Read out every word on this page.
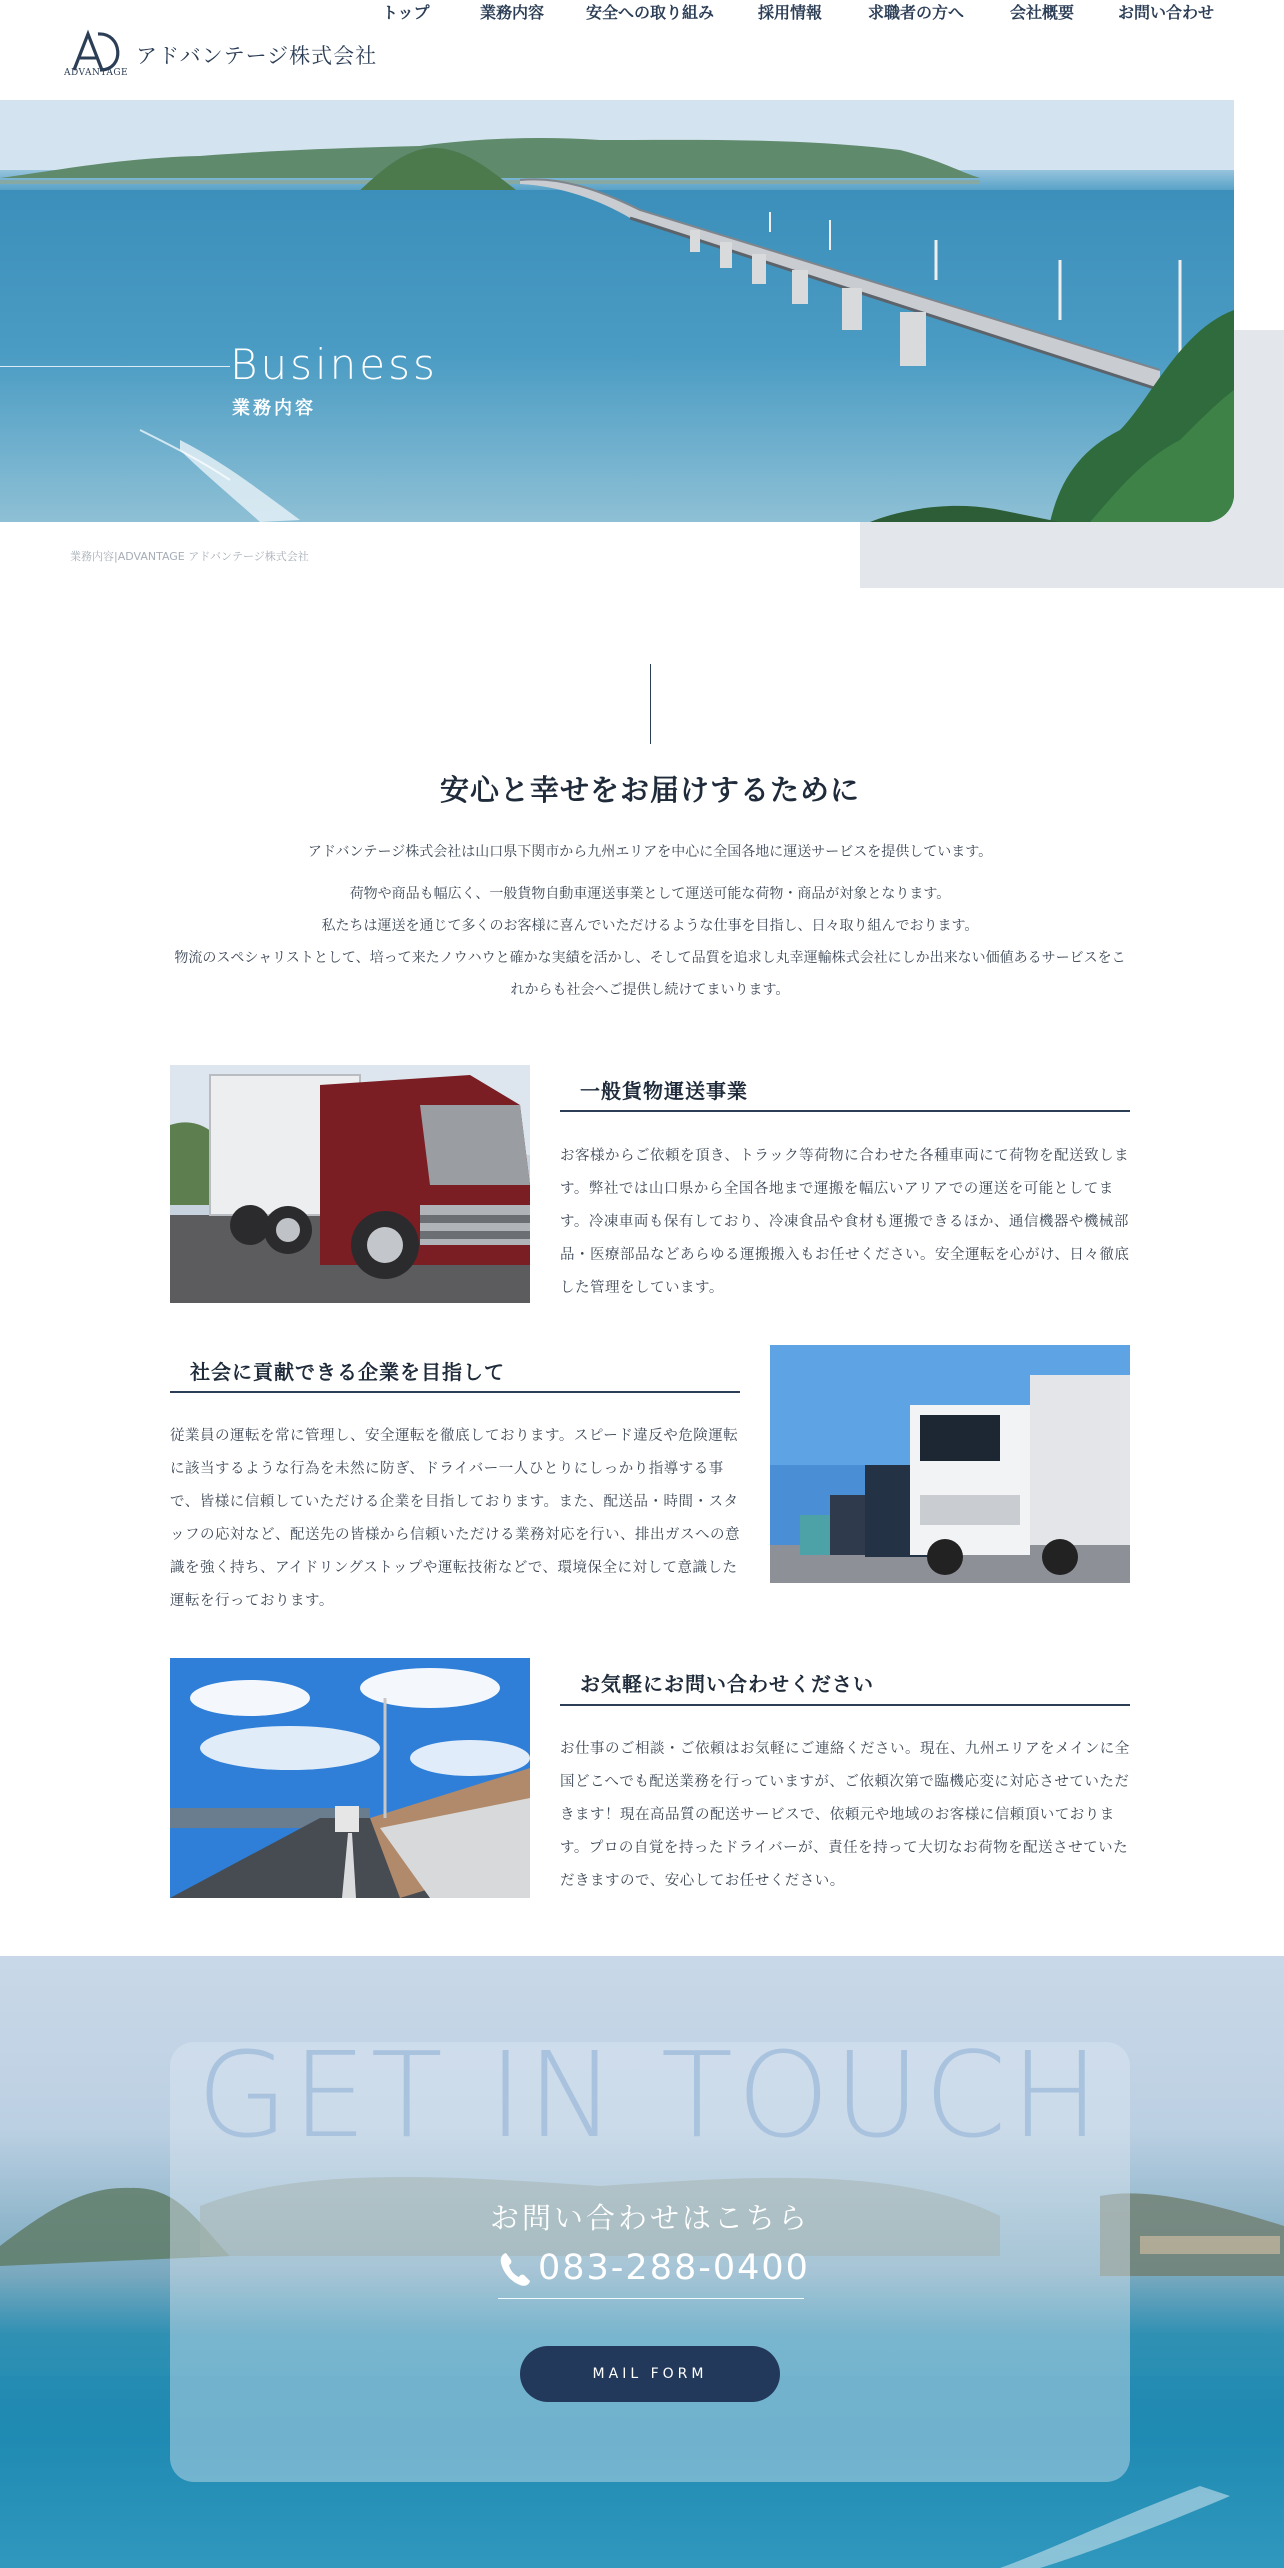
ADVANTAGE
アドバンテージ株式会社
トップ	業務内容	安全への取り組み	採用情報	求職者の方へ	会社概要	お問い合わせ
Business
業務内容
業務内容|ADVANTAGE アドバンテージ株式会社
安心と幸せをお届けするために

アドバンテージ株式会社は山口県下関市から九州エリアを中心に全国各地に運送サービスを提供しています。

荷物や商品も幅広く、一般貨物自動車運送事業として運送可能な荷物・商品が対象となります。

私たちは運送を通じて多くのお客様に喜んでいただけるような仕事を目指し、日々取り組んでおります。

物流のスペシャリストとして、培って来たノウハウと確かな実績を活かし、そして品質を追求し丸幸運輸株式会社にしか出来ない価値あるサービスをこれからも社会へご提供し続けてまいります。

一般貨物運送事業
お客様からご依頼を頂き、トラック等荷物に合わせた各種車両にて荷物を配送致します。弊社では山口県から全国各地まで運搬を幅広いアリアでの運送を可能としてます。冷凍車両も保有しており、冷凍食品や食材も運搬できるほか、通信機器や機械部品・医療部品などあらゆる運搬搬入もお任せください。安全運転を心がけ、日々徹底した管理をしています。
社会に貢献できる企業を目指して
従業員の運転を常に管理し、安全運転を徹底しております。スピード違反や危険運転に該当するような行為を未然に防ぎ、ドライバー一人ひとりにしっかり指導する事で、皆様に信頼していただける企業を目指しております。また、配送品・時間・スタッフの応対など、配送先の皆様から信頼いただける業務対応を行い、排出ガスへの意識を強く持ち、アイドリングストップや運転技術などで、環境保全に対して意識した運転を行っております。
お気軽にお問い合わせください
お仕事のご相談・ご依頼はお気軽にご連絡ください。現在、九州エリアをメインに全国どこへでも配送業務を行っていますが、ご依頼次第で臨機応変に対応させていただきます！現在高品質の配送サービスで、依頼元や地域のお客様に信頼頂いております。プロの自覚を持ったドライバーが、責任を持って大切なお荷物を配送させていただきますので、安心してお任せください。
GET IN TOUCH
お問い合わせはこちら
083-288-0400
MAIL FORM
